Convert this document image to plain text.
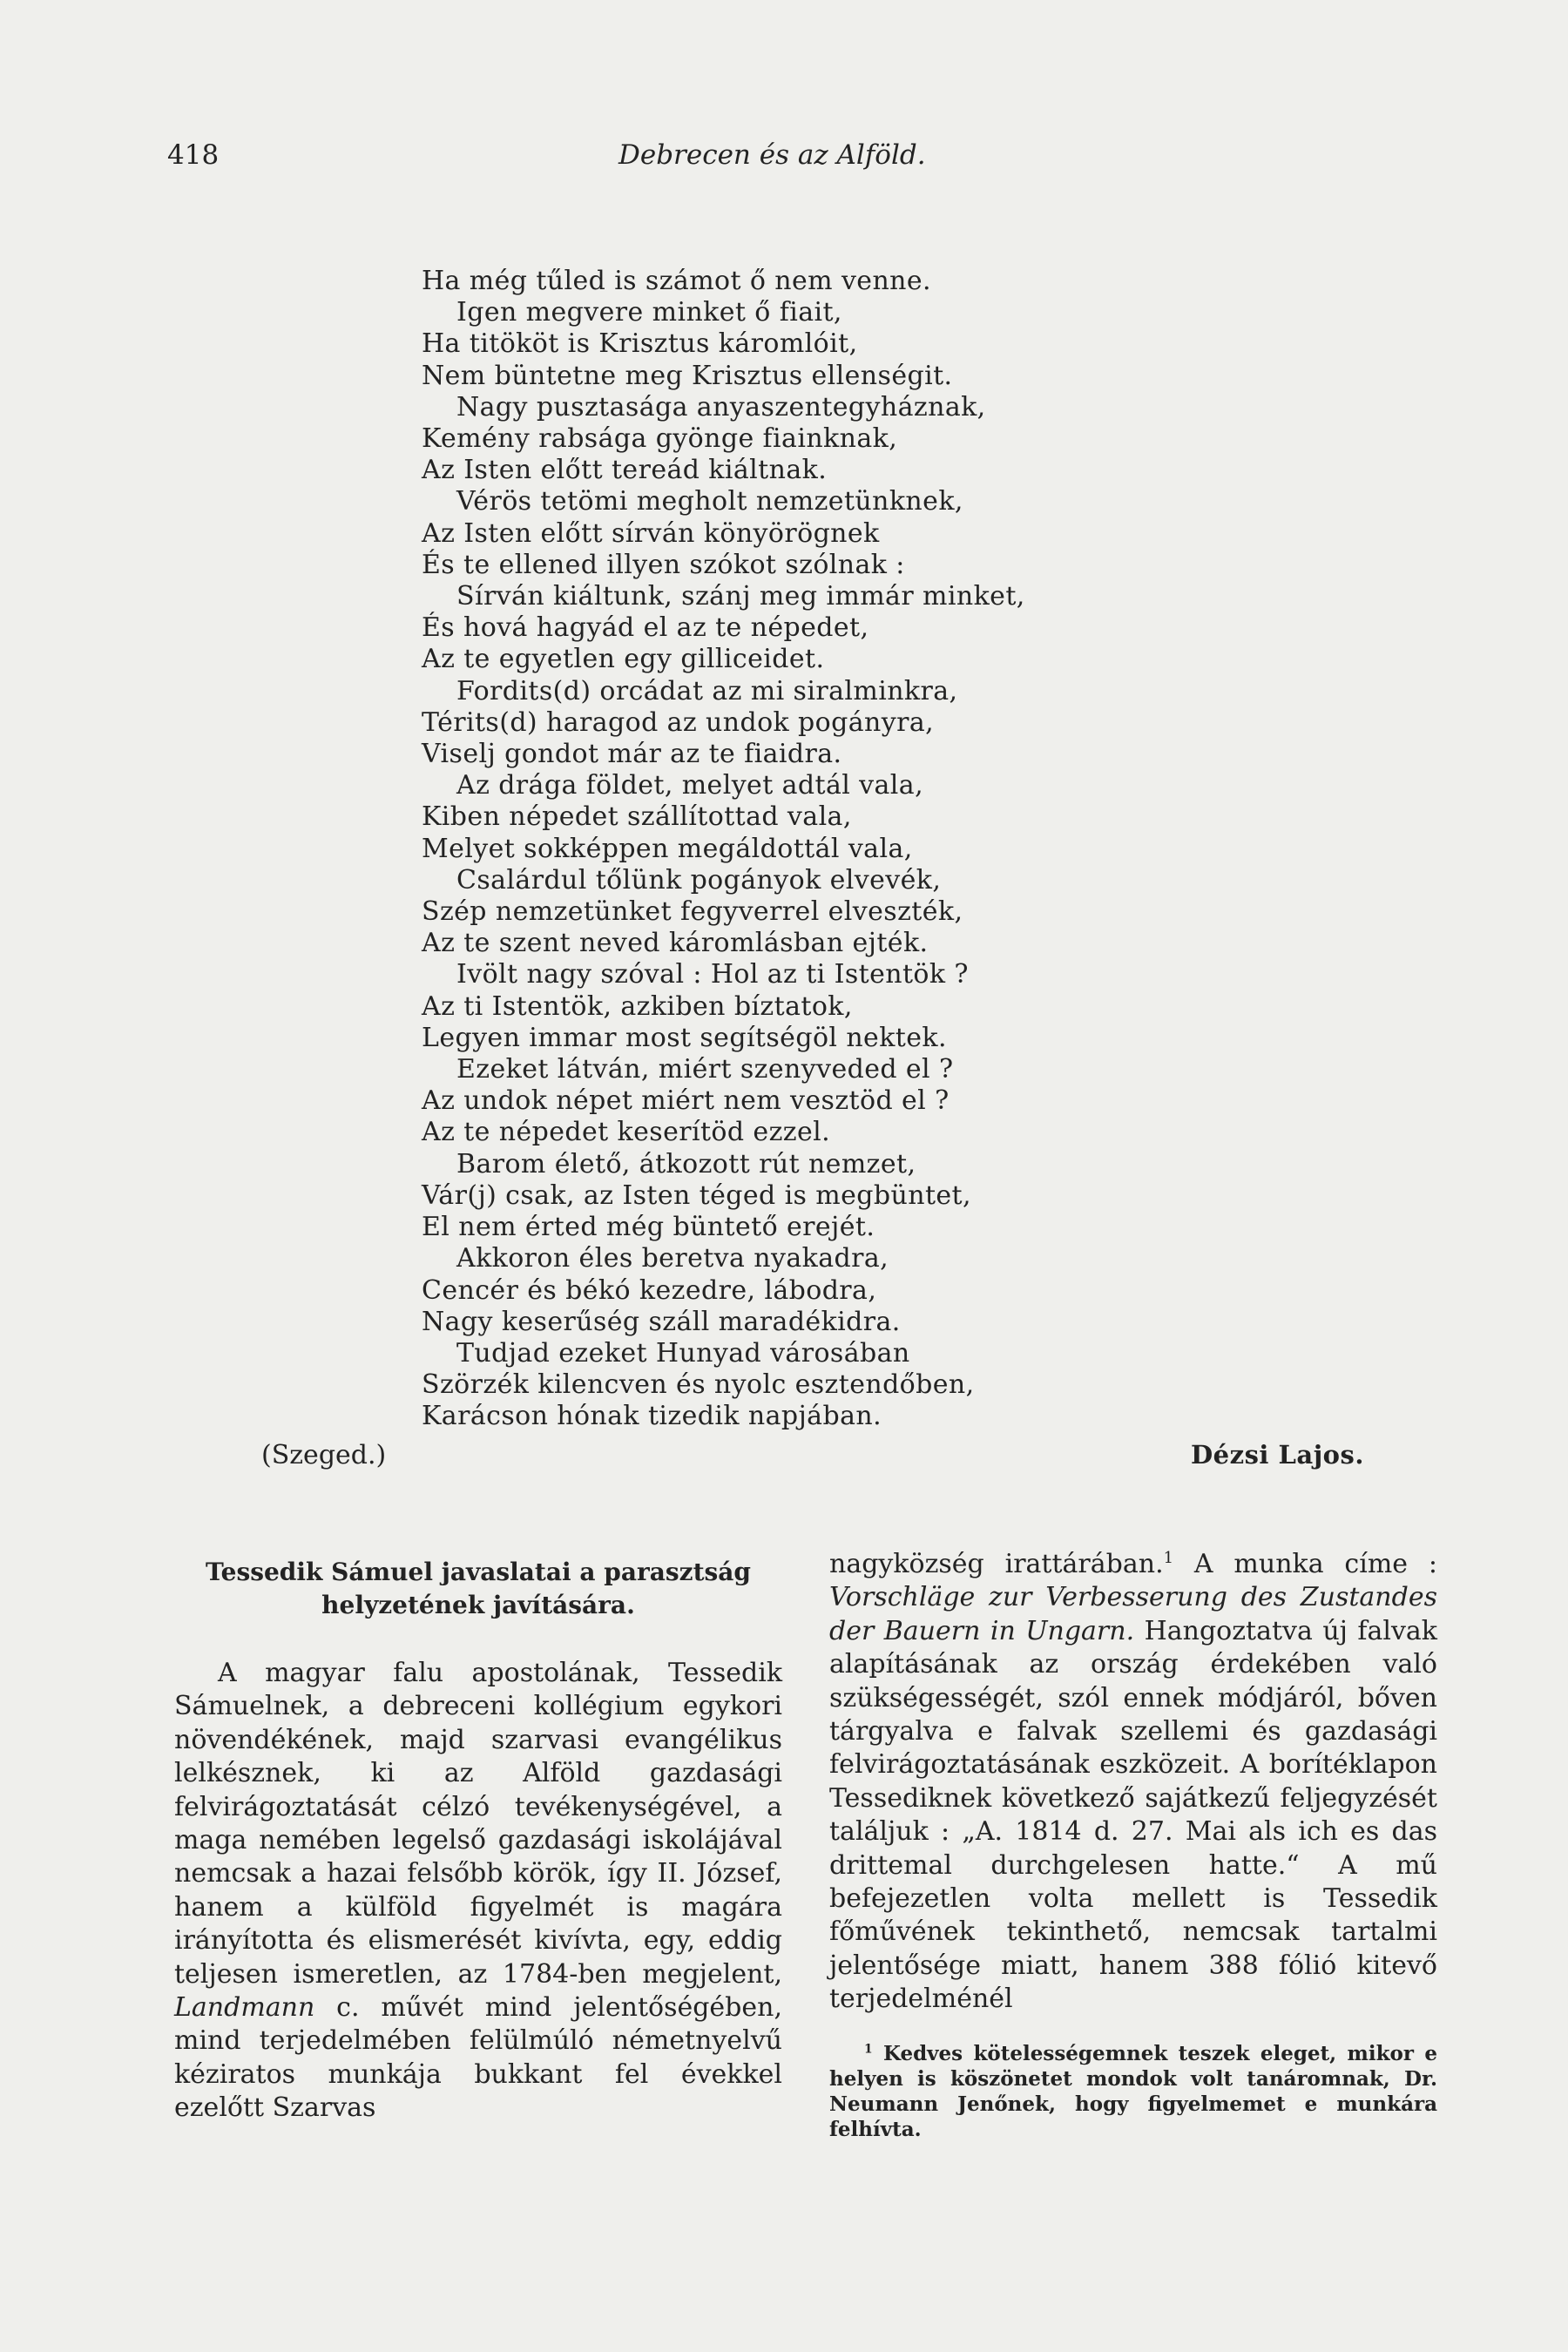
418	Debrecen és az Alföld.
Ha még tűled is számot ő nem venne.
Igen megvere minket ő fiait,
Ha titököt is Krisztus káromlóit,
Nem büntetne meg Krisztus ellenségit.
Nagy pusztasága anyaszentegyháznak,
Kemény rabsága gyönge fiainknak,
Az Isten előtt tereád kiáltnak.
Vérös tetömi megholt nemzetünknek,
Az Isten előtt sírván könyörögnek
És te ellened illyen szókot szólnak :
Sírván kiáltunk, szánj meg immár minket,
És hová hagyád el az te népedet,
Az te egyetlen egy gilliceidet.
Fordits(d) orcádat az mi siralminkra,
Térits(d) haragod az undok pogányra,
Viselj gondot már az te fiaidra.
Az drága földet, melyet adtál vala,
Kiben népedet szállítottad vala,
Melyet sokképpen megáldottál vala,
Csalárdul tőlünk pogányok elvevék,
Szép nemzetünket fegyverrel elveszték,
Az te szent neved káromlásban ejték.
Ivölt nagy szóval : Hol az ti Istentök ?
Az ti Istentök, azkiben bíztatok,
Legyen immar most segítségöl nektek.
Ezeket látván, miért szenyveded el ?
Az undok népet miért nem vesztöd el ?
Az te népedet keserítöd ezzel.
Barom élető, átkozott rút nemzet,
Vár(j) csak, az Isten téged is megbüntet,
El nem érted még büntető erejét.
Akkoron éles beretva nyakadra,
Cencér és békó kezedre, lábodra,
Nagy keserűség száll maradékidra.
Tudjad ezeket Hunyad városában
Szörzék kilencven és nyolc esztendőben,
Karácson hónak tizedik napjában.
(Szeged.)	Dézsi Lajos.
Tessedik Sámuel javaslatai a parasztság
helyzetének javítására.

A magyar falu apostolának, Tessedik Sámuelnek, a debreceni kollégium egykori növendékének, majd szarvasi evangélikus lelkésznek, ki az Alföld gazdasági felvirágoztatását célzó tevékenységével, a maga nemében legelső gazdasági iskolájával nemcsak a hazai felsőbb körök, így II. József, hanem a külföld figyelmét is magára irányította és elismerését kivívta, egy, eddig teljesen ismeretlen, az 1784-ben megjelent, Landmann c. művét mind jelentőségében, mind terjedelmében felülmúló németnyelvű kéziratos munkája bukkant fel évekkel ezelőtt Szarvas

nagyközség irattárában.$^1$ A munka címe : Vorschläge zur Verbesserung des Zustandes der Bauern in Ungarn. Hangoztatva új falvak alapításának az ország érdekében való szükségességét, szól ennek módjáról, bőven tárgyalva e falvak szellemi és gazdasági felvirágoztatásának eszközeit. A borítéklapon Tessediknek következő sajátkezű feljegyzését találjuk : „A. 1814 d. 27. Mai als ich es das drittemal durchgelesen hatte.“ A mű befejezetlen volta mellett is Tessedik főművének tekinthető, nemcsak tartalmi jelentősége miatt, hanem 388 fólió kitevő terjedelménél

$^1$ Kedves kötelességemnek teszek eleget, mikor e helyen is köszönetet mondok volt tanáromnak, Dr. Neumann Jenőnek, hogy figyelmemet e munkára felhívta.
